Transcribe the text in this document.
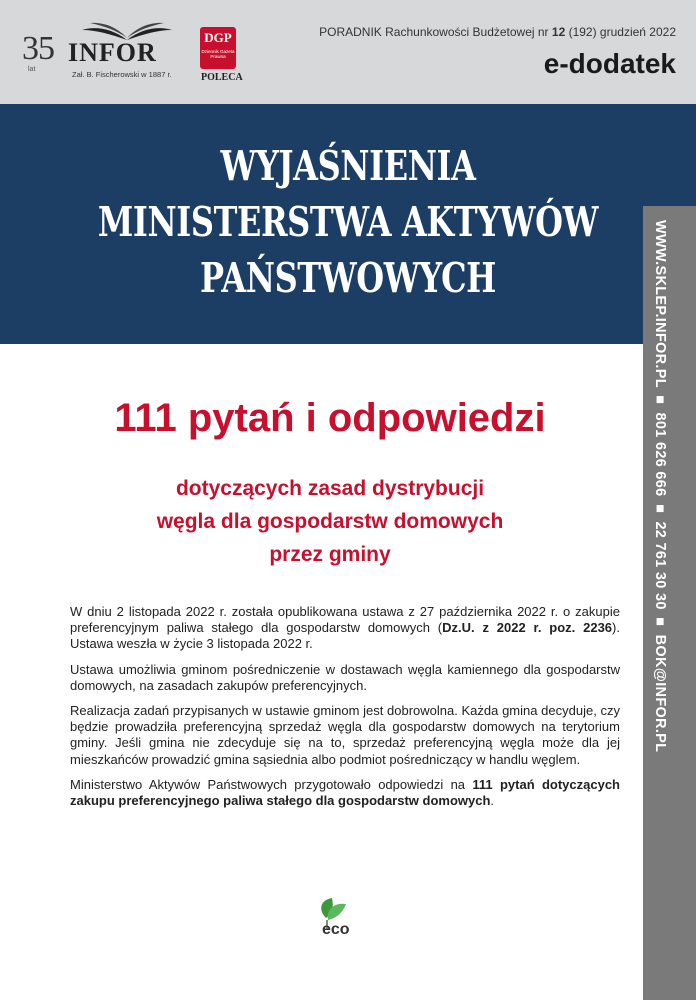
35
lat
INFOR
Zał. B. Fischerowski w 1887 r.
DGP
Dziennik Gazeta Prawna
POLECA
PORADNIK Rachunkowości Budżetowej nr 12 (192) grudzień 2022
e-dodatek
WYJAŚNIENIA
MINISTERSTWA AKTYWÓW
PAŃSTWOWYCH	WWW.SKLEP.INFOR.PL ■ 801 626 666 ■ 22 761 30 30 ■ BOK@INFOR.PL
111 pytań i odpowiedzi
dotyczących zasad dystrybucji
węgla dla gospodarstw domowych
przez gminy

W dniu 2 listopada 2022 r. została opublikowana ustawa z 27 października 2022 r. o zakupie preferencyjnym paliwa stałego dla gospodarstw domowych (Dz.U. z 2022 r. poz. 2236). Ustawa weszła w życie 3 listopada 2022 r.

Ustawa umożliwia gminom pośredniczenie w dostawach węgla kamiennego dla gospodarstw domowych, na zasadach zakupów preferencyjnych.

Realizacja zadań przypisanych w ustawie gminom jest dobrowolna. Każda gmina decyduje, czy będzie prowadziła preferencyjną sprzedaż węgla dla gospodarstw domowych na terytorium gminy. Jeśli gmina nie zdecyduje się na to, sprzedaż preferencyjną węgla może dla jej mieszkańców prowadzić gmina sąsiednia albo podmiot pośredniczący w handlu węglem.

Ministerstwo Aktywów Państwowych przygotowało odpowiedzi na 111 pytań dotyczących zakupu preferencyjnego paliwa stałego dla gospodarstw domowych.

eco
